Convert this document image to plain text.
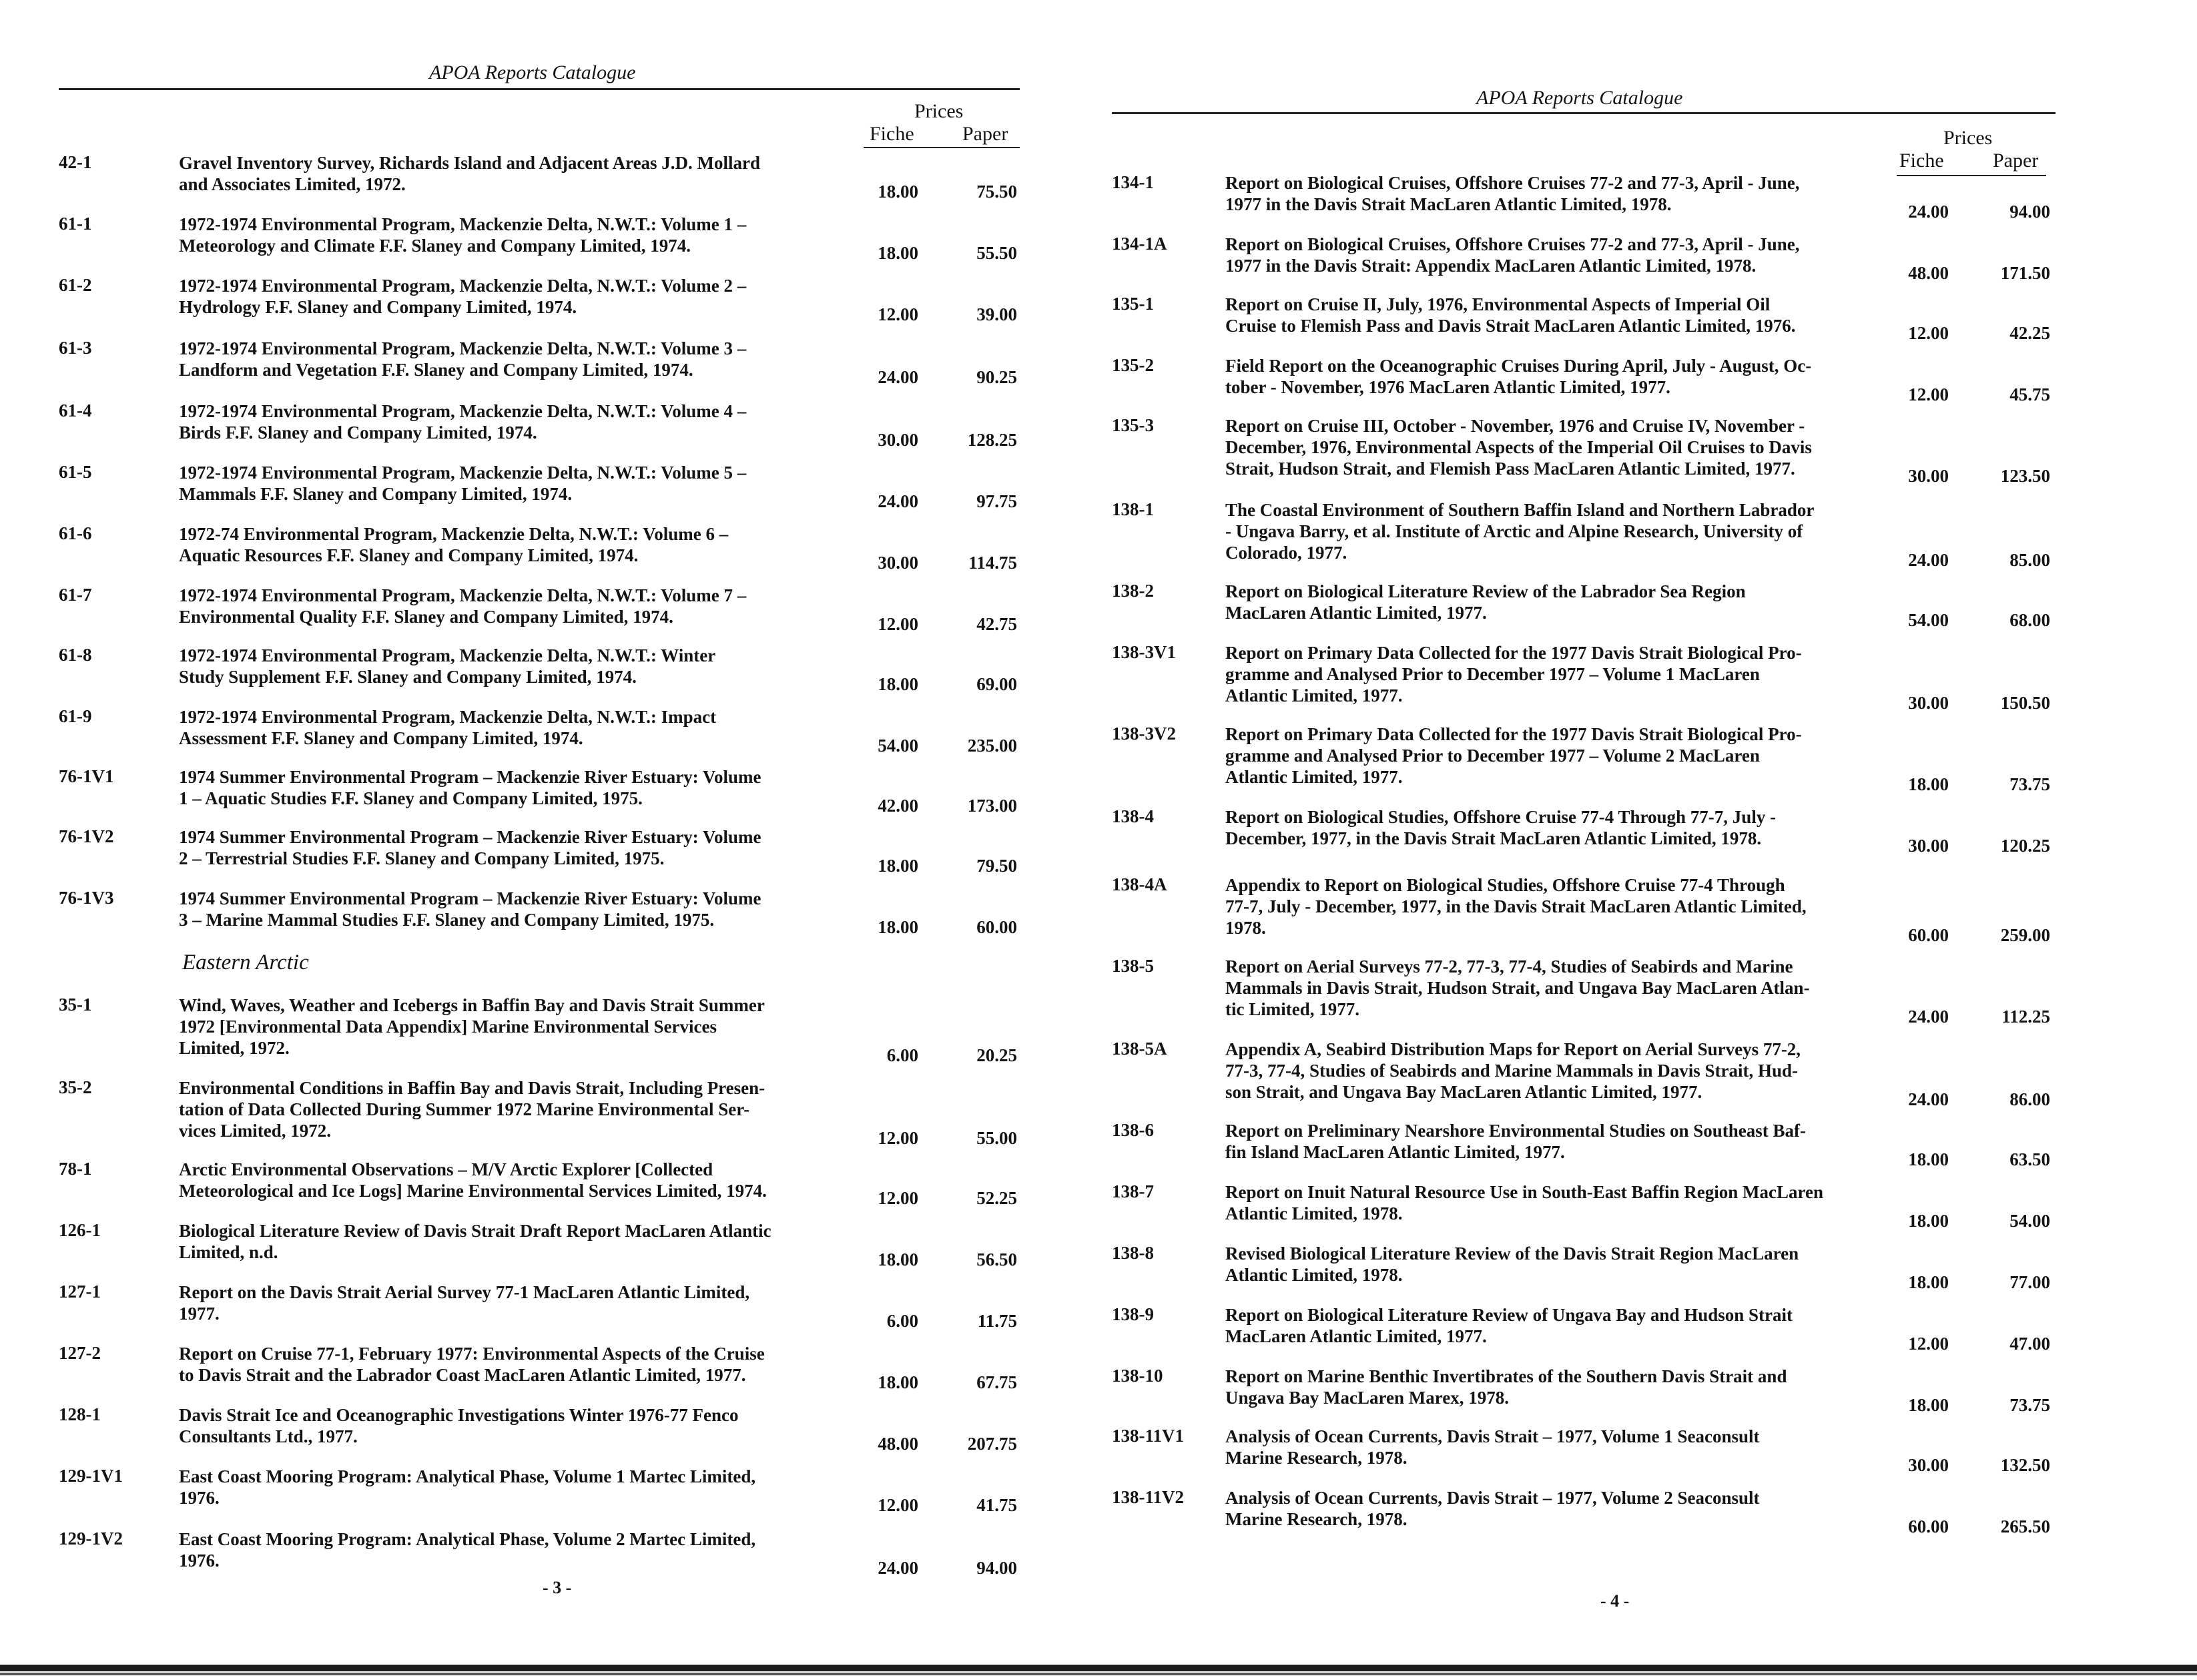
APOA Reports Catalogue
Prices
Fiche Paper
Eastern Arctic
42-1	Gravel Inventory Survey, Richards Island and Adjacent Areas J.D. Mollard
and Associates Limited, 1972.	18.00	75.50
61-1	1972-1974 Environmental Program, Mackenzie Delta, N.W.T.: Volume 1 –
Meteorology and Climate F.F. Slaney and Company Limited, 1974.	18.00	55.50
61-2	1972-1974 Environmental Program, Mackenzie Delta, N.W.T.: Volume 2 –
Hydrology F.F. Slaney and Company Limited, 1974.	12.00	39.00
61-3	1972-1974 Environmental Program, Mackenzie Delta, N.W.T.: Volume 3 –
Landform and Vegetation F.F. Slaney and Company Limited, 1974.	24.00	90.25
61-4	1972-1974 Environmental Program, Mackenzie Delta, N.W.T.: Volume 4 –
Birds F.F. Slaney and Company Limited, 1974.	30.00	128.25
61-5	1972-1974 Environmental Program, Mackenzie Delta, N.W.T.: Volume 5 –
Mammals F.F. Slaney and Company Limited, 1974.	24.00	97.75
61-6	1972-74 Environmental Program, Mackenzie Delta, N.W.T.: Volume 6 –
Aquatic Resources F.F. Slaney and Company Limited, 1974.	30.00	114.75
61-7	1972-1974 Environmental Program, Mackenzie Delta, N.W.T.: Volume 7 –
Environmental Quality F.F. Slaney and Company Limited, 1974.	12.00	42.75
61-8	1972-1974 Environmental Program, Mackenzie Delta, N.W.T.: Winter
Study Supplement F.F. Slaney and Company Limited, 1974.	18.00	69.00
61-9	1972-1974 Environmental Program, Mackenzie Delta, N.W.T.: Impact
Assessment F.F. Slaney and Company Limited, 1974.	54.00	235.00
76-1V1	1974 Summer Environmental Program – Mackenzie River Estuary: Volume
1 – Aquatic Studies F.F. Slaney and Company Limited, 1975.	42.00	173.00
76-1V2	1974 Summer Environmental Program – Mackenzie River Estuary: Volume
2 – Terrestrial Studies F.F. Slaney and Company Limited, 1975.	18.00	79.50
76-1V3	1974 Summer Environmental Program – Mackenzie River Estuary: Volume
3 – Marine Mammal Studies F.F. Slaney and Company Limited, 1975.	18.00	60.00
35-1	Wind, Waves, Weather and Icebergs in Baffin Bay and Davis Strait Summer
1972 [Environmental Data Appendix] Marine Environmental Services
Limited, 1972.	6.00	20.25
35-2	Environmental Conditions in Baffin Bay and Davis Strait, Including Presen-
tation of Data Collected During Summer 1972 Marine Environmental Ser-
vices Limited, 1972.	12.00	55.00
78-1	Arctic Environmental Observations – M/V Arctic Explorer [Collected
Meteorological and Ice Logs] Marine Environmental Services Limited, 1974.	12.00	52.25
126-1	Biological Literature Review of Davis Strait Draft Report MacLaren Atlantic
Limited, n.d.	18.00	56.50
127-1	Report on the Davis Strait Aerial Survey 77-1 MacLaren Atlantic Limited,
1977.	6.00	11.75
127-2	Report on Cruise 77-1, February 1977: Environmental Aspects of the Cruise
to Davis Strait and the Labrador Coast MacLaren Atlantic Limited, 1977.	18.00	67.75
128-1	Davis Strait Ice and Oceanographic Investigations Winter 1976-77 Fenco
Consultants Ltd., 1977.	48.00	207.75
129-1V1	East Coast Mooring Program: Analytical Phase, Volume 1 Martec Limited,
1976.	12.00	41.75
129-1V2	East Coast Mooring Program: Analytical Phase, Volume 2 Martec Limited,
1976.	24.00	94.00
- 3 -
APOA Reports Catalogue
Prices
Fiche Paper
134-1	Report on Biological Cruises, Offshore Cruises 77-2 and 77-3, April - June,
1977 in the Davis Strait MacLaren Atlantic Limited, 1978.	24.00	94.00
134-1A	Report on Biological Cruises, Offshore Cruises 77-2 and 77-3, April - June,
1977 in the Davis Strait: Appendix MacLaren Atlantic Limited, 1978.	48.00	171.50
135-1	Report on Cruise II, July, 1976, Environmental Aspects of Imperial Oil
Cruise to Flemish Pass and Davis Strait MacLaren Atlantic Limited, 1976.	12.00	42.25
135-2	Field Report on the Oceanographic Cruises During April, July - August, Oc-
tober - November, 1976 MacLaren Atlantic Limited, 1977.	12.00	45.75
135-3	Report on Cruise III, October - November, 1976 and Cruise IV, November -
December, 1976, Environmental Aspects of the Imperial Oil Cruises to Davis
Strait, Hudson Strait, and Flemish Pass MacLaren Atlantic Limited, 1977.	30.00	123.50
138-1	The Coastal Environment of Southern Baffin Island and Northern Labrador
- Ungava Barry, et al. Institute of Arctic and Alpine Research, University of
Colorado, 1977.	24.00	85.00
138-2	Report on Biological Literature Review of the Labrador Sea Region
MacLaren Atlantic Limited, 1977.	54.00	68.00
138-3V1	Report on Primary Data Collected for the 1977 Davis Strait Biological Pro-
gramme and Analysed Prior to December 1977 – Volume 1 MacLaren
Atlantic Limited, 1977.	30.00	150.50
138-3V2	Report on Primary Data Collected for the 1977 Davis Strait Biological Pro-
gramme and Analysed Prior to December 1977 – Volume 2 MacLaren
Atlantic Limited, 1977.	18.00	73.75
138-4	Report on Biological Studies, Offshore Cruise 77-4 Through 77-7, July -
December, 1977, in the Davis Strait MacLaren Atlantic Limited, 1978.	30.00	120.25
138-4A	Appendix to Report on Biological Studies, Offshore Cruise 77-4 Through
77-7, July - December, 1977, in the Davis Strait MacLaren Atlantic Limited,
1978.	60.00	259.00
138-5	Report on Aerial Surveys 77-2, 77-3, 77-4, Studies of Seabirds and Marine
Mammals in Davis Strait, Hudson Strait, and Ungava Bay MacLaren Atlan-
tic Limited, 1977.	24.00	112.25
138-5A	Appendix A, Seabird Distribution Maps for Report on Aerial Surveys 77-2,
77-3, 77-4, Studies of Seabirds and Marine Mammals in Davis Strait, Hud-
son Strait, and Ungava Bay MacLaren Atlantic Limited, 1977.	24.00	86.00
138-6	Report on Preliminary Nearshore Environmental Studies on Southeast Baf-
fin Island MacLaren Atlantic Limited, 1977.	18.00	63.50
138-7	Report on Inuit Natural Resource Use in South-East Baffin Region MacLaren
Atlantic Limited, 1978.	18.00	54.00
138-8	Revised Biological Literature Review of the Davis Strait Region MacLaren
Atlantic Limited, 1978.	18.00	77.00
138-9	Report on Biological Literature Review of Ungava Bay and Hudson Strait
MacLaren Atlantic Limited, 1977.	12.00	47.00
138-10	Report on Marine Benthic Invertibrates of the Southern Davis Strait and
Ungava Bay MacLaren Marex, 1978.	18.00	73.75
138-11V1 Analysis of Ocean Currents, Davis Strait – 1977, Volume 1 Seaconsult
Marine Research, 1978.	30.00	132.50
138-11V2 Analysis of Ocean Currents, Davis Strait – 1977, Volume 2 Seaconsult
Marine Research, 1978.	60.00	265.50
- 4 -
